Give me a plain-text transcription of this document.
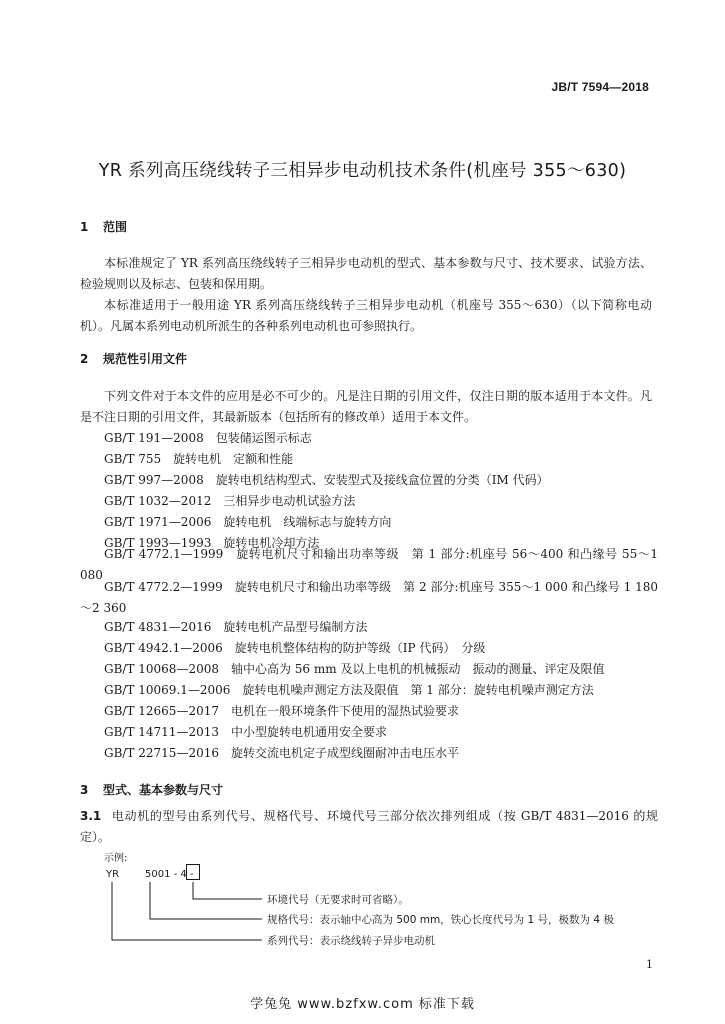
JB/T 7594—2018
YR 系列高压绕线转子三相异步电动机技术条件(机座号 355～630)
1 范围
本标准规定了 YR 系列高压绕线转子三相异步电动机的型式、基本参数与尺寸、技术要求、试验方法、检验规则以及标志、包装和保用期。
本标准适用于一般用途 YR 系列高压绕线转子三相异步电动机（机座号 355～630）（以下简称电动机）。凡属本系列电动机所派生的各种系列电动机也可参照执行。
2 规范性引用文件
下列文件对于本文件的应用是必不可少的。凡是注日期的引用文件，仅注日期的版本适用于本文件。凡是不注日期的引用文件，其最新版本（包括所有的修改单）适用于本文件。
GB/T 191—2008 包装储运图示标志
GB/T 755 旋转电机　定额和性能
GB/T 997—2008 旋转电机结构型式、安装型式及接线盒位置的分类（IM 代码）
GB/T 1032—2012 三相异步电动机试验方法
GB/T 1971—2006 旋转电机　线端标志与旋转方向
GB/T 1993—1993 旋转电机冷却方法
GB/T 4772.1—1999　 旋转电机尺寸和输出功率等级　第 1 部分:机座号 56～400 和凸缘号 55～1 080
GB/T 4772.2—1999　 旋转电机尺寸和输出功率等级　第 2 部分:机座号 355～1 000 和凸缘号 1 180～2 360
GB/T 4831—2016 旋转电机产品型号编制方法
GB/T 4942.1—2006 旋转电机整体结构的防护等级（IP 代码）　分级
GB/T 10068—2008 轴中心高为 56 mm 及以上电机的机械振动　振动的测量、评定及限值
GB/T 10069.1—2006 旋转电机噪声测定方法及限值　第 1 部分：旋转电机噪声测定方法
GB/T 12665—2017 电机在一般环境条件下使用的湿热试验要求
GB/T 14711—2013 中小型旋转电机通用安全要求
GB/T 22715—2016 旋转交流电机定子成型线圈耐冲击电压水平
3 型式、基本参数与尺寸
3.1 电动机的型号由系列代号、规格代号、环境代号三部分依次排列组成（按 GB/T 4831—2016 的规定）。
示例:
YR	5001 - 4 -
环境代号（无要求时可省略）。
规格代号：表示轴中心高为 500 mm，铁心长度代号为 1 号，极数为 4 极
系列代号：表示绕线转子异步电动机
1
学兔兔 www.bzfxw.com 标准下载
